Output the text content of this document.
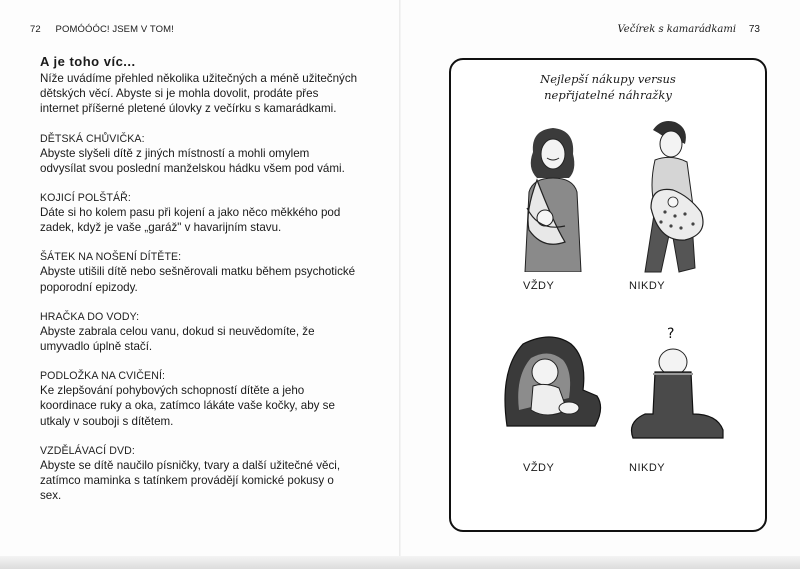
72 POMÓÓÓC! JSEM V TOM!
A je toho víc...
Níže uvádíme přehled několika užitečných a méně užitečných dětských věcí. Abyste si je mohla dovolit, prodáte přes internet příšerné pletené úlovky z večírku s kamarádkami.
DĚTSKÁ CHŮVIČKA:
Abyste slyšeli dítě z jiných místností a mohli omylem odvysílat svou poslední manželskou hádku všem pod vámi.
KOJICÍ POLŠTÁŘ:
Dáte si ho kolem pasu při kojení a jako něco měkkého pod zadek, když je vaše „garáž" v havarijním stavu.
ŠÁTEK NA NOŠENÍ DÍTĚTE:
Abyste utišili dítě nebo sešněrovali matku během psychotické poporodní epizody.
HRAČKA DO VODY:
Abyste zabrala celou vanu, dokud si neuvědomíte, že umyvadlo úplně stačí.
PODLOŽKA NA CVIČENÍ:
Ke zlepšování pohybových schopností dítěte a jeho koordinace ruky a oka, zatímco lákáte vaše kočky, aby se utkaly v souboji s dítětem.
VZDĚLÁVACÍ DVD:
Abyste se dítě naučilo písničky, tvary a další užitečné věci, zatímco maminka s tatínkem provádějí komické pokusy o sex.
Večírek s kamarádkami 73
Nejlepší nákupy versus
nepřijatelné náhražky
VŽDY	NIKDY
?
VŽDY	NIKDY
